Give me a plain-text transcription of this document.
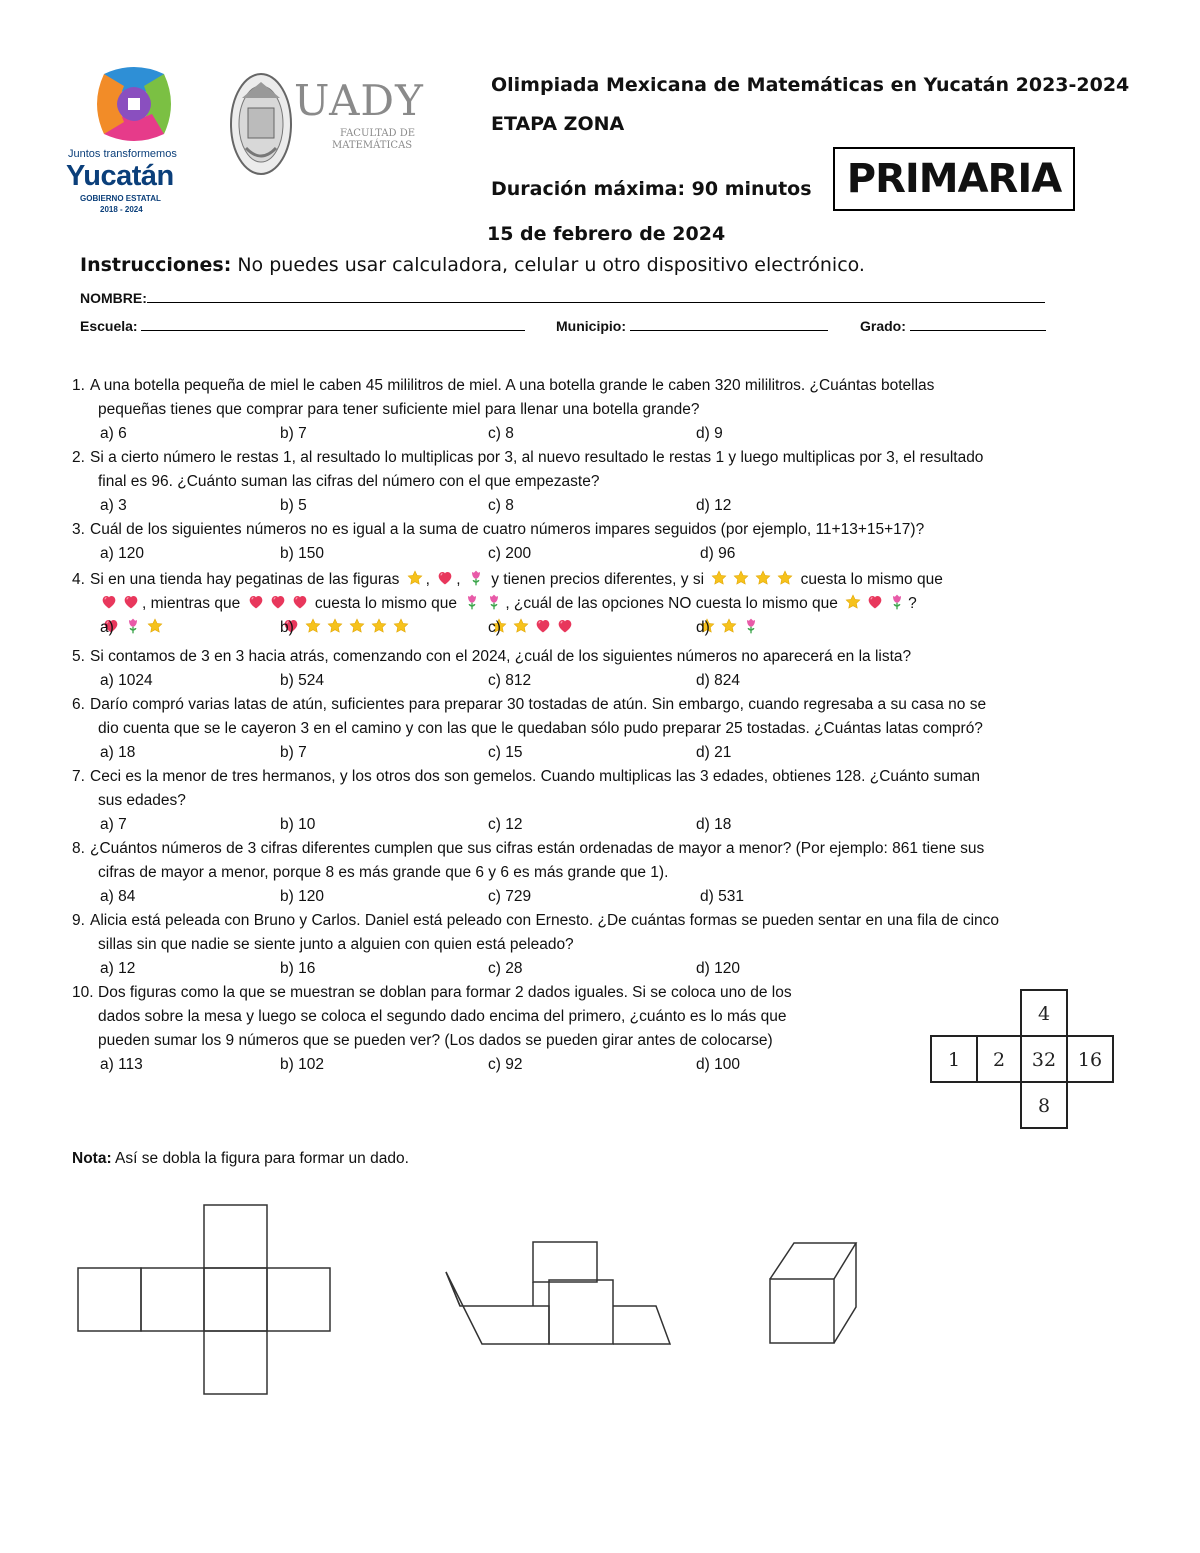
Juntos transformemos
Yucatán
GOBIERNO ESTATAL
2018 - 2024
UADY
FACULTAD DE
MATEMÁTICAS
Olimpiada Mexicana de Matemáticas en Yucatán 2023-2024
ETAPA ZONA
Duración máxima: 90 minutos PRIMARIA
15 de febrero de 2024
Instrucciones: No puedes usar calculadora, celular u otro dispositivo electrónico.
NOMBRE:
Escuela:	Municipio:	Grado:
1. A una botella pequeña de miel le caben 45 mililitros de miel. A una botella grande le caben 320 mililitros. ¿Cuántas botellas
pequeñas tienes que comprar para tener suficiente miel para llenar una botella grande?
a) 6	b) 7	c) 8	d) 9
2. Si a cierto número le restas 1, al resultado lo multiplicas por 3, al nuevo resultado le restas 1 y luego multiplicas por 3, el resultado
final es 96. ¿Cuánto suman las cifras del número con el que empezaste?
a) 3	b) 5	c) 8	d) 12
3. Cuál de los siguientes números no es igual a la suma de cuatro números impares seguidos (por ejemplo, 11+13+15+17)?
a) 120	b) 150	c) 200	d) 96
4. Si en una tienda hay pegatinas de las figuras , , y tienen precios diferentes, y si	cuesta lo mismo que
, mientras que	cuesta lo mismo que	, ¿cuál de las opciones NO cuesta lo mismo que	?
a)	b)	c)	d)
5. Si contamos de 3 en 3 hacia atrás, comenzando con el 2024, ¿cuál de los siguientes números no aparecerá en la lista?
a) 1024	b) 524	c) 812	d) 824
6. Darío compró varias latas de atún, suficientes para preparar 30 tostadas de atún. Sin embargo, cuando regresaba a su casa no se
dio cuenta que se le cayeron 3 en el camino y con las que le quedaban sólo pudo preparar 25 tostadas. ¿Cuántas latas compró?
a) 18	b) 7	c) 15	d) 21
7. Ceci es la menor de tres hermanos, y los otros dos son gemelos. Cuando multiplicas las 3 edades, obtienes 128. ¿Cuánto suman
sus edades?
a) 7	b) 10	c) 12	d) 18
8. ¿Cuántos números de 3 cifras diferentes cumplen que sus cifras están ordenadas de mayor a menor? (Por ejemplo: 861 tiene sus
cifras de mayor a menor, porque 8 es más grande que 6 y 6 es más grande que 1).
a) 84	b) 120	c) 729	d) 531
9. Alicia está peleada con Bruno y Carlos. Daniel está peleado con Ernesto. ¿De cuántas formas se pueden sentar en una fila de cinco
sillas sin que nadie se siente junto a alguien con quien está peleado?
a) 12	b) 16	c) 28	d) 120
10. Dos figuras como la que se muestran se doblan para formar 2 dados iguales. Si se coloca uno de los
dados sobre la mesa y luego se coloca el segundo dado encima del primero, ¿cuánto es lo más que
pueden sumar los 9 números que se pueden ver? (Los dados se pueden girar antes de colocarse)
a) 113	b) 102	c) 92	d) 100
4
1 2 32 16
8
Nota: Así se dobla la figura para formar un dado.
